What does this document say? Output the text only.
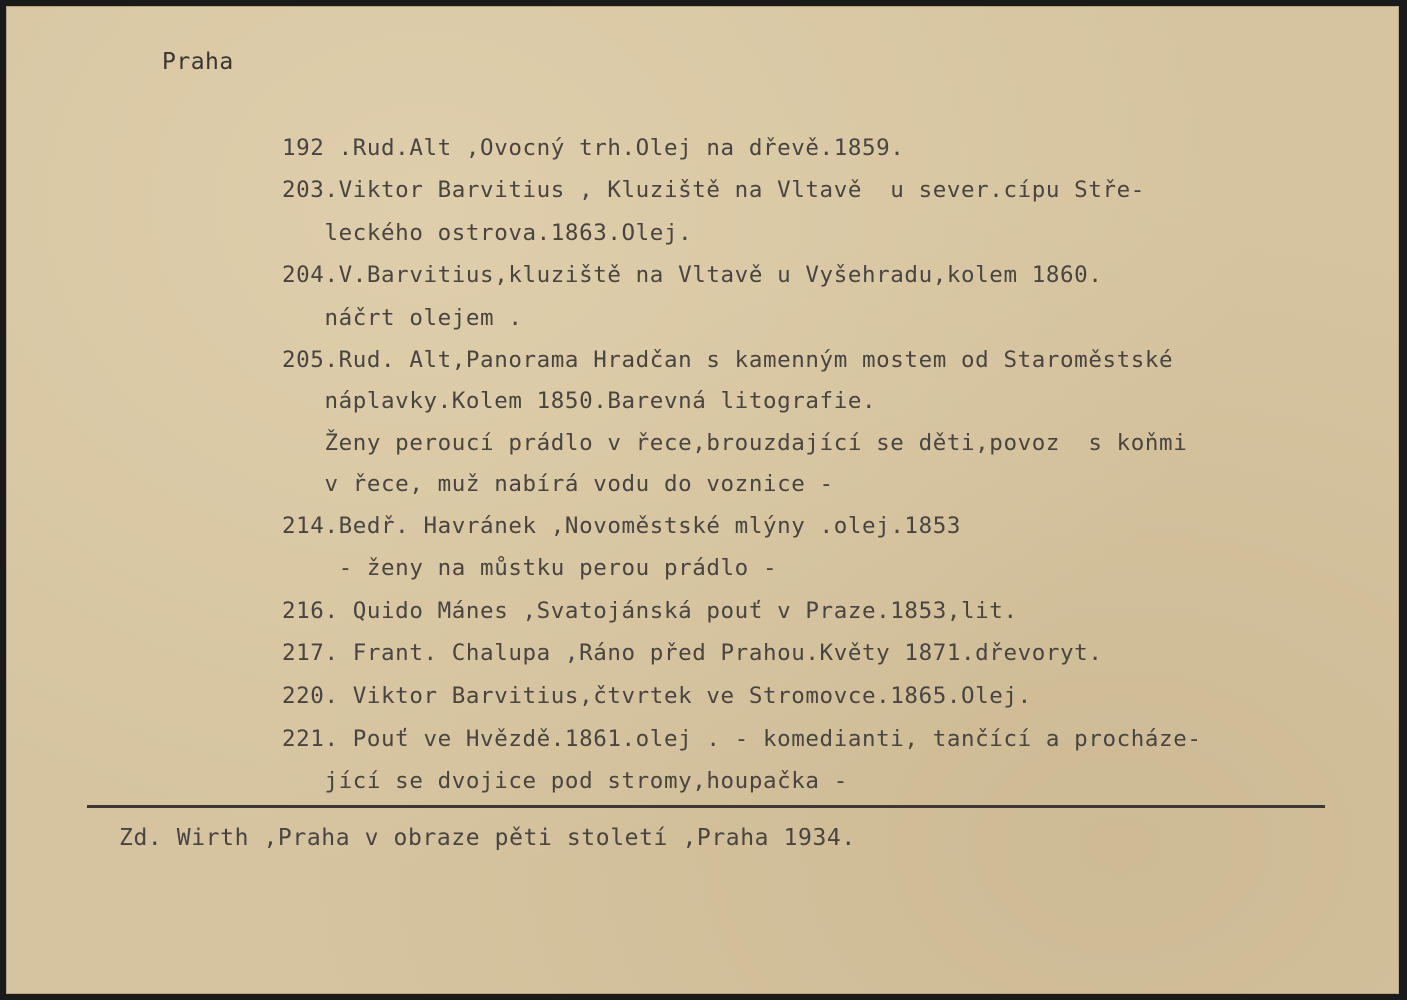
Praha
192 .Rud.Alt ,Ovocný trh.Olej na dřevě.1859.
203.Viktor Barvitius , Kluziště na Vltavě  u sever.cípu Stře-
leckého ostrova.1863.Olej.
204.V.Barvitius,kluziště na Vltavě u Vyšehradu,kolem 1860.
náčrt olejem .
205.Rud. Alt,Panorama Hradčan s kamenným mostem od Staroměstské
náplavky.Kolem 1850.Barevná litografie.
Ženy peroucí prádlo v řece,brouzdající se děti,povoz  s koňmi
v řece, muž nabírá vodu do voznice -
214.Bedř. Havránek ,Novoměstské mlýny .olej.1853
- ženy na můstku perou prádlo -
216. Quido Mánes ,Svatojánská pouť v Praze.1853,lit.
217. Frant. Chalupa ,Ráno před Prahou.Květy 1871.dřevoryt.
220. Viktor Barvitius,čtvrtek ve Stromovce.1865.Olej.
221. Pouť ve Hvězdě.1861.olej . - komedianti, tančící a procháze-
jící se dvojice pod stromy,houpačka -
Zd. Wirth ,Praha v obraze pěti století ,Praha 1934.
